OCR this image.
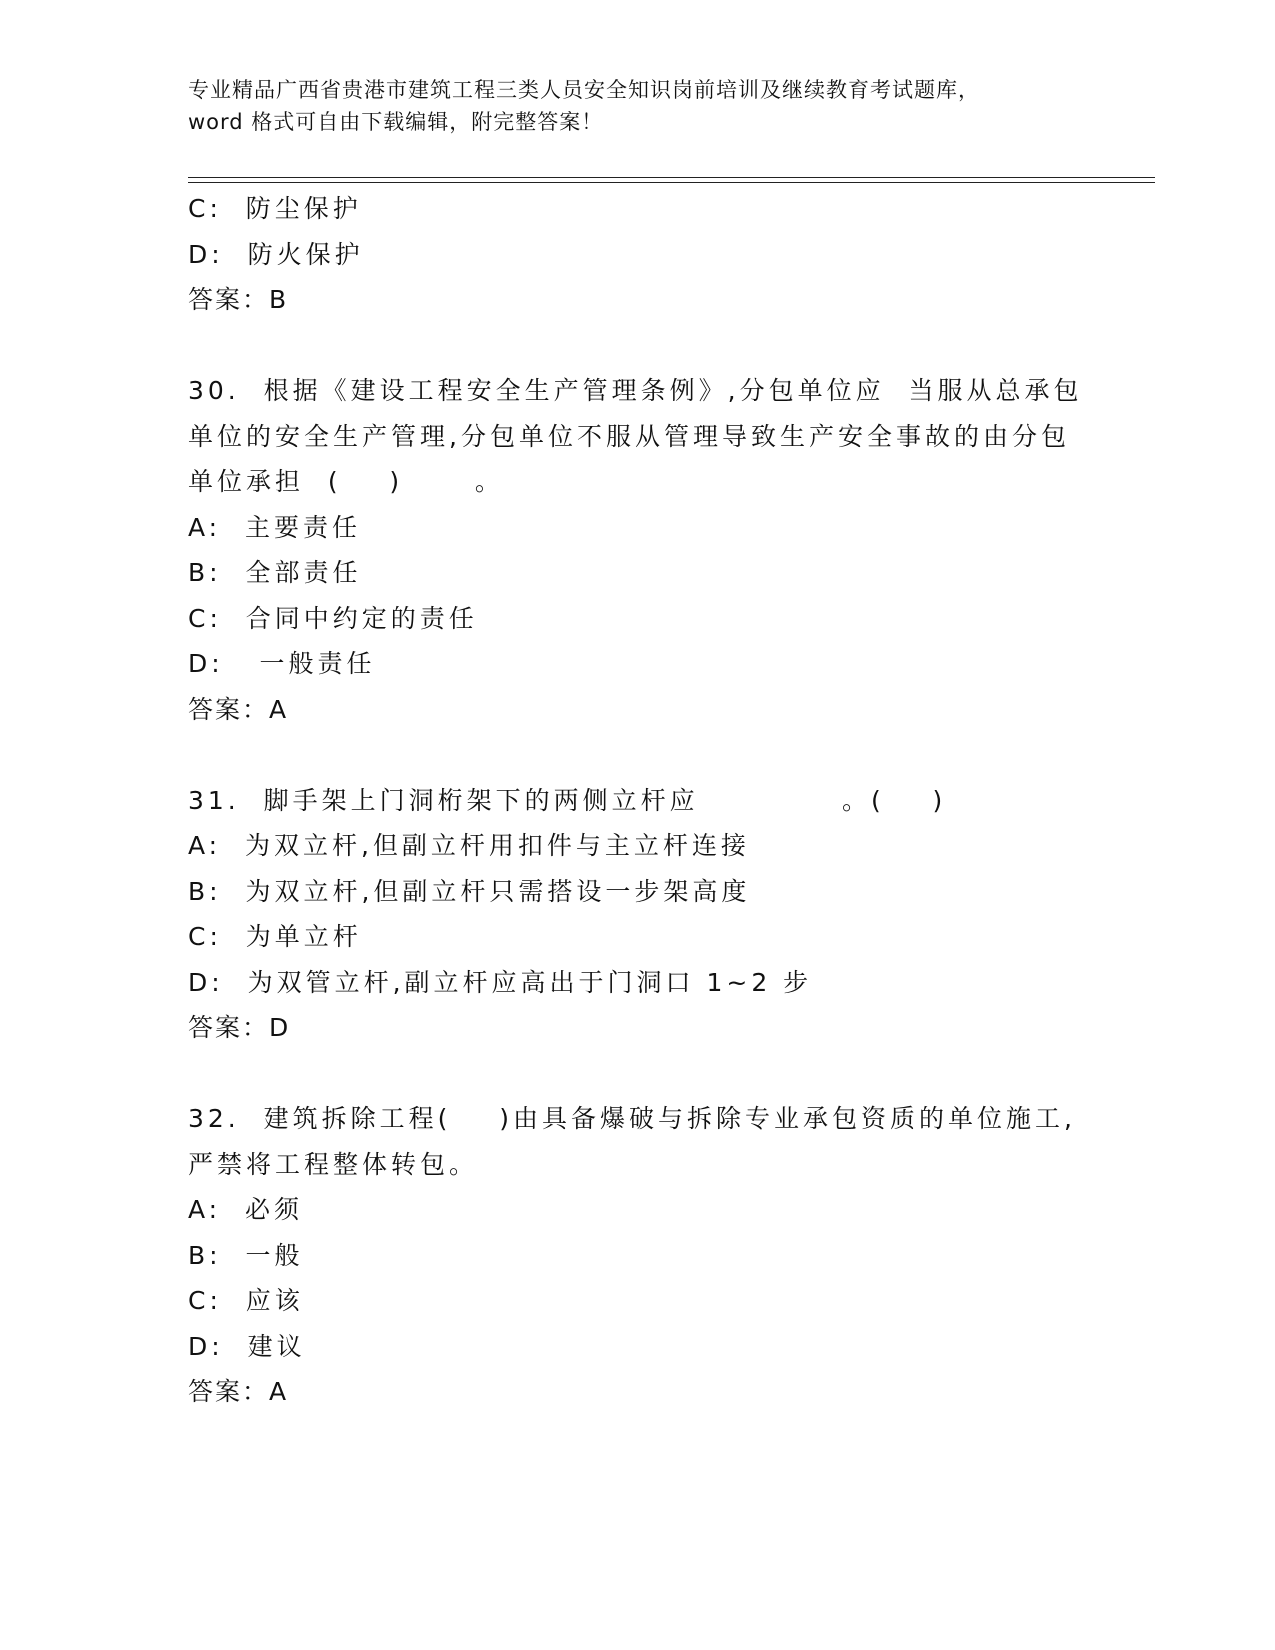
专业精品广西省贵港市建筑工程三类人员安全知识岗前培训及继续教育考试题库，
word 格式可自由下载编辑，附完整答案！
C:  防尘保护
D:  防火保护
答案：B
30.  根据《建设工程安全生产管理条例》,分包单位应  当服从总承包
单位的安全生产管理,分包单位不服从管理导致生产安全事故的由分包
单位承担  (    )      。
A:  主要责任
B:  全部责任
C:  合同中约定的责任
D:   一般责任
答案：A
31.  脚手架上门洞桁架下的两侧立杆应            。(    )
A:  为双立杆,但副立杆用扣件与主立杆连接
B:  为双立杆,但副立杆只需搭设一步架高度
C:  为单立杆
D:  为双管立杆,副立杆应高出于门洞口 1~2 步
答案：D
32.  建筑拆除工程(    )由具备爆破与拆除专业承包资质的单位施工,
严禁将工程整体转包。
A:  必须
B:  一般
C:  应该
D:  建议
答案：A
